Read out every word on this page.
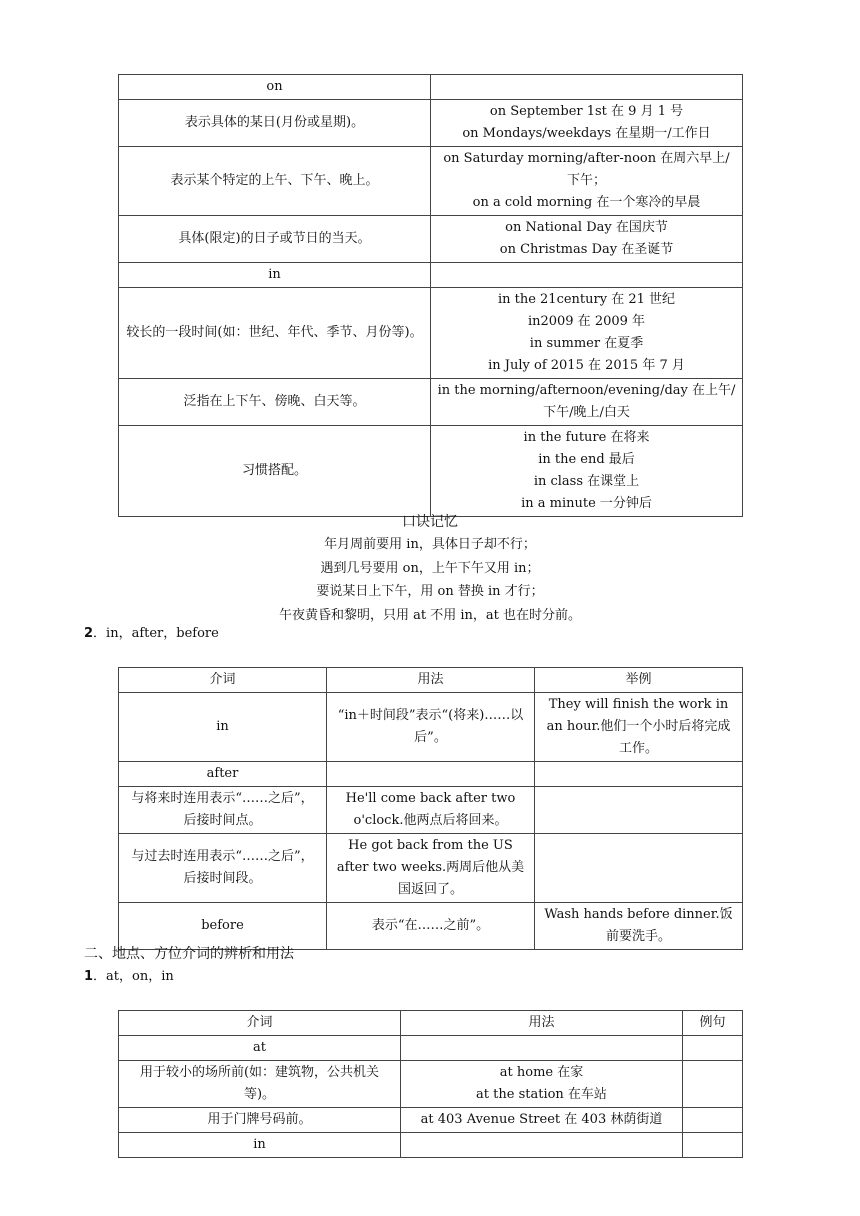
on	
表示具体的某日(月份或星期)。	on September 1st 在 9 月 1 号
on Mondays/weekdays 在星期一/工作日

表示某个特定的上午、下午、晚上。	on Saturday morning/after-noon 在周六早上/下午；
on a cold morning 在一个寒冷的早晨

具体(限定)的日子或节日的当天。	on National Day 在国庆节
on Christmas Day 在圣诞节

in	
较长的一段时间(如：世纪、年代、季节、月份等)。	in the 21century 在 21 世纪
in2009 在 2009 年
in summer 在夏季
in July of 2015 在 2015 年 7 月

泛指在上下午、傍晚、白天等。	in the morning/afternoon/evening/day 在上午/下午/晚上/白天

习惯搭配。	in the future 在将来
in the end 最后
in class 在课堂上
in a minute 一分钟后
口诀记忆
年月周前要用 in，具体日子却不行；
遇到几号要用 on，上午下午又用 in；
要说某日上下午，用 on 替换 in 才行；
午夜黄昏和黎明，只用 at 不用 in，at 也在时分前。
2．in，after，before
介词	用法	举例
in	“in＋时间段”表示“(将来)……以后”。	They will finish the work in an hour.他们一个小时后将完成工作。
after		
与将来时连用表示“……之后”，后接时间点。	He'll come back after two o'clock.他两点后将回来。	
与过去时连用表示“……之后”，后接时间段。	He got back from the US after two weeks.两周后他从美国返回了。	
before	表示“在……之前”。	Wash hands before dinner.饭前要洗手。
二、地点、方位介词的辨析和用法
1．at，on，in
介词	用法	例句
at		
用于较小的场所前(如：建筑物，公共机关等)。	at home 在家
at the station 在车站	
用于门牌号码前。	at 403 Avenue Street 在 403 林荫街道	
in		
